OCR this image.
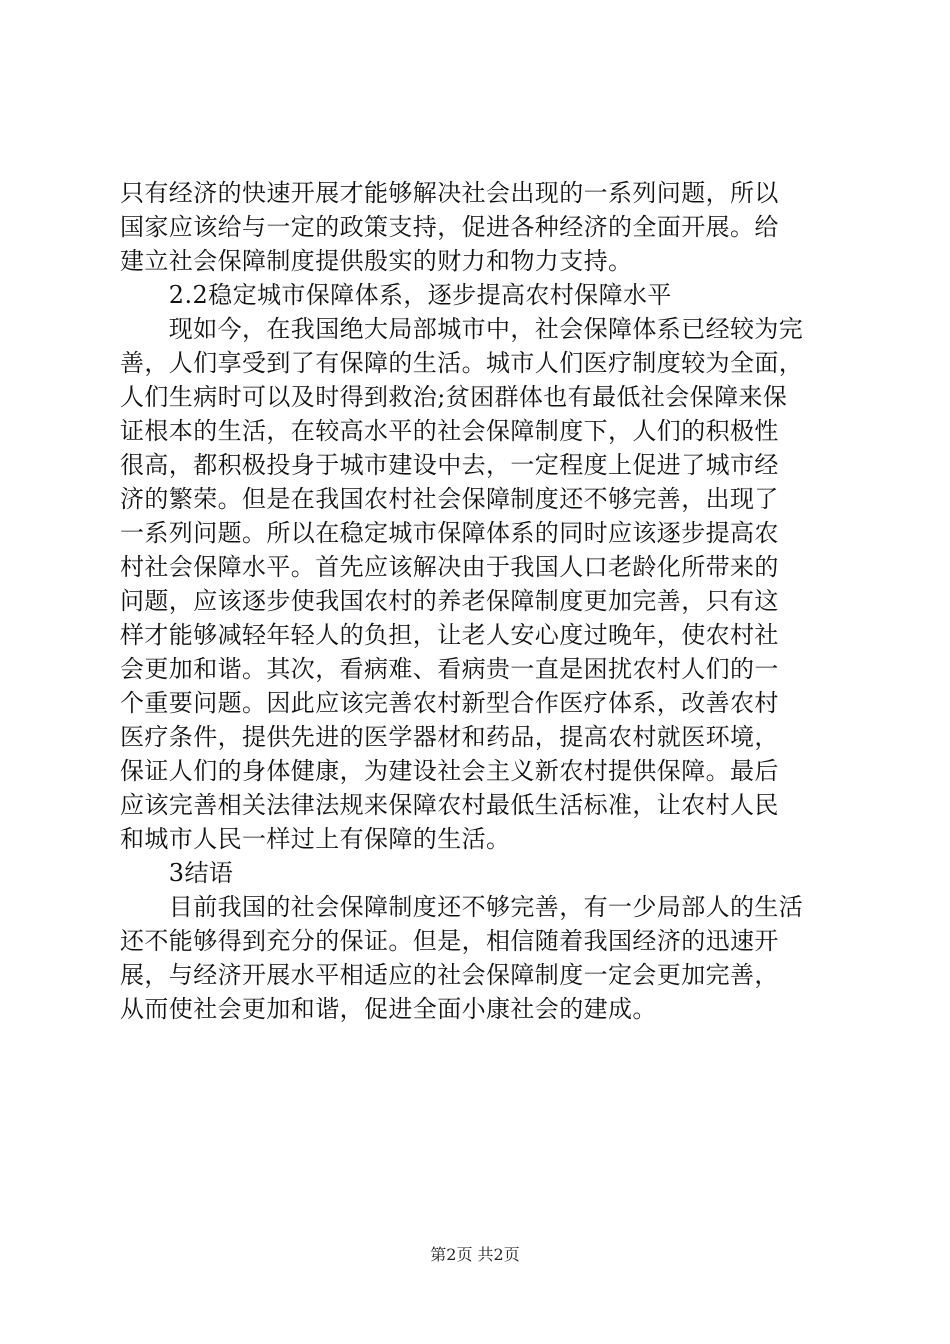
只有经济的快速开展才能够解决社会出现的一系列问题，所以
国家应该给与一定的政策支持，促进各种经济的全面开展。给
建立社会保障制度提供殷实的财力和物力支持。
　　2.2稳定城市保障体系，逐步提高农村保障水平
　　现如今，在我国绝大局部城市中，社会保障体系已经较为完
善，人们享受到了有保障的生活。城市人们医疗制度较为全面，
人们生病时可以及时得到救治;贫困群体也有最低社会保障来保
证根本的生活，在较高水平的社会保障制度下，人们的积极性
很高，都积极投身于城市建设中去，一定程度上促进了城市经
济的繁荣。但是在我国农村社会保障制度还不够完善，出现了
一系列问题。所以在稳定城市保障体系的同时应该逐步提高农
村社会保障水平。首先应该解决由于我国人口老龄化所带来的
问题，应该逐步使我国农村的养老保障制度更加完善，只有这
样才能够减轻年轻人的负担，让老人安心度过晚年，使农村社
会更加和谐。其次，看病难、看病贵一直是困扰农村人们的一
个重要问题。因此应该完善农村新型合作医疗体系，改善农村
医疗条件，提供先进的医学器材和药品，提高农村就医环境，
保证人们的身体健康，为建设社会主义新农村提供保障。最后
应该完善相关法律法规来保障农村最低生活标准，让农村人民
和城市人民一样过上有保障的生活。
　　3结语
　　目前我国的社会保障制度还不够完善，有一少局部人的生活
还不能够得到充分的保证。但是，相信随着我国经济的迅速开
展，与经济开展水平相适应的社会保障制度一定会更加完善，
从而使社会更加和谐，促进全面小康社会的建成。
第2页 共2页
